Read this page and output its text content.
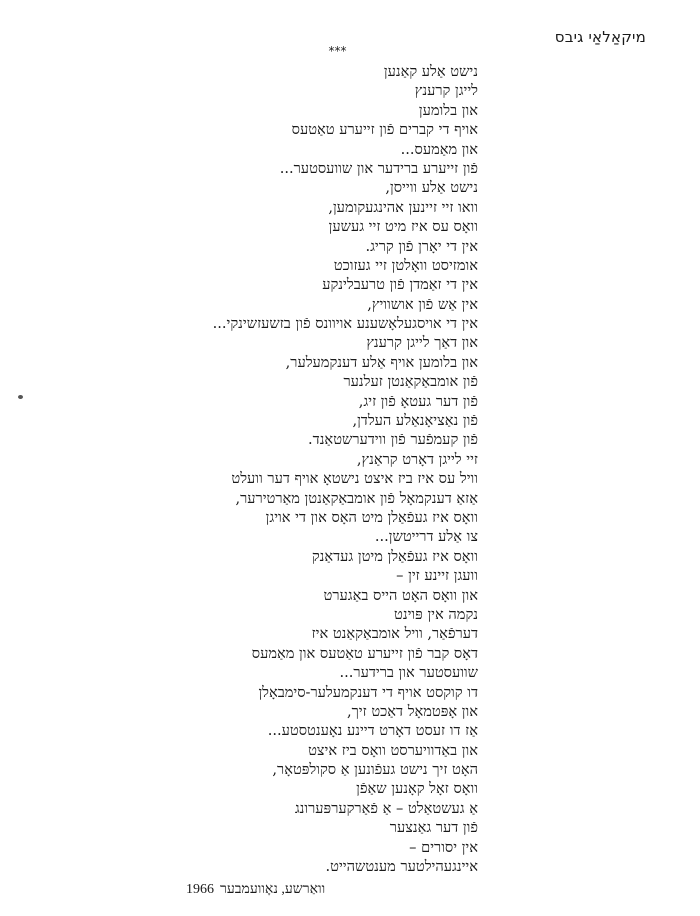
מיקאַלאַי גיבס
***
נישט אַלע קאַנען
לייגן קרענץ
און בלומען
אויף די קברים פֿון זייערע טאַטעס
און מאַמעס...
פֿון זייערע ברידער און שוועסטער...
נישט אַלע ווייסן,
וואו זיי זיינען אהינגעקומען,
וואָס עס איז מיט זיי געשען
אין די יאָרן פֿון קריג.
אומזיסט וואָלטן זיי געזוכט
אין די זאַמדן פֿון טרעבלינקע
אין אַש פֿון אושוויץ,
אין די אויסגעלאָשענע אויוונס פֿון בזשעזשינקי...
און דאַך לייגן קרענץ
און בלומען אויף אַלע דענקמעלער,
פֿון אומבאַקאַנטן זעלנער
פֿון דער געטאָ פֿון זיג,
פֿון נאַציאָנאַלע העלדן,
פֿון קעמפֿער פֿון ווידערשטאַנד.
זיי לייגן דאָרט קראַנץ,
וויל עס איז ביז איצט נישטאָ אויף דער וועלט
אַזאַ דענקמאָל פֿון אומבאַקאַנטן מאַרטירער,
וואָס איז געפֿאַלן מיט האָס און די אויגן
צו אַלע דרייטשן...
וואָס איז געפֿאַלן מיטן געדאַנק
וועגן זיינע זין –
און וואָס האָט הייס באַגערט
נקמה אין פּוינט
דערפֿאַר, וויל אומבאַקאַנט איז
דאָס קבר פֿון זייערע טאַטעס און מאַמעס
שוועסטער און ברידער...
דו קוקסט אויף די דענקמעלער-סימבאָלן
און אָפּטמאָל דאַכט זיך,
אַז דו זעסט דאָרט דיינע נאָענטסטע...
און באַדוויערסט וואָס ביז איצט
האָט זיך נישט געפֿונען אַ סקולפּטאָר,
וואָס זאָל קאָנען שאַפֿן
אַ געשטאַלט – אַ פֿאַרקערפּערונג
פֿון דער גאַנצער
אין יסורים –
איינגעהילטער מענטשהייט.
1966 וואַרשע, נאָוועמבער
